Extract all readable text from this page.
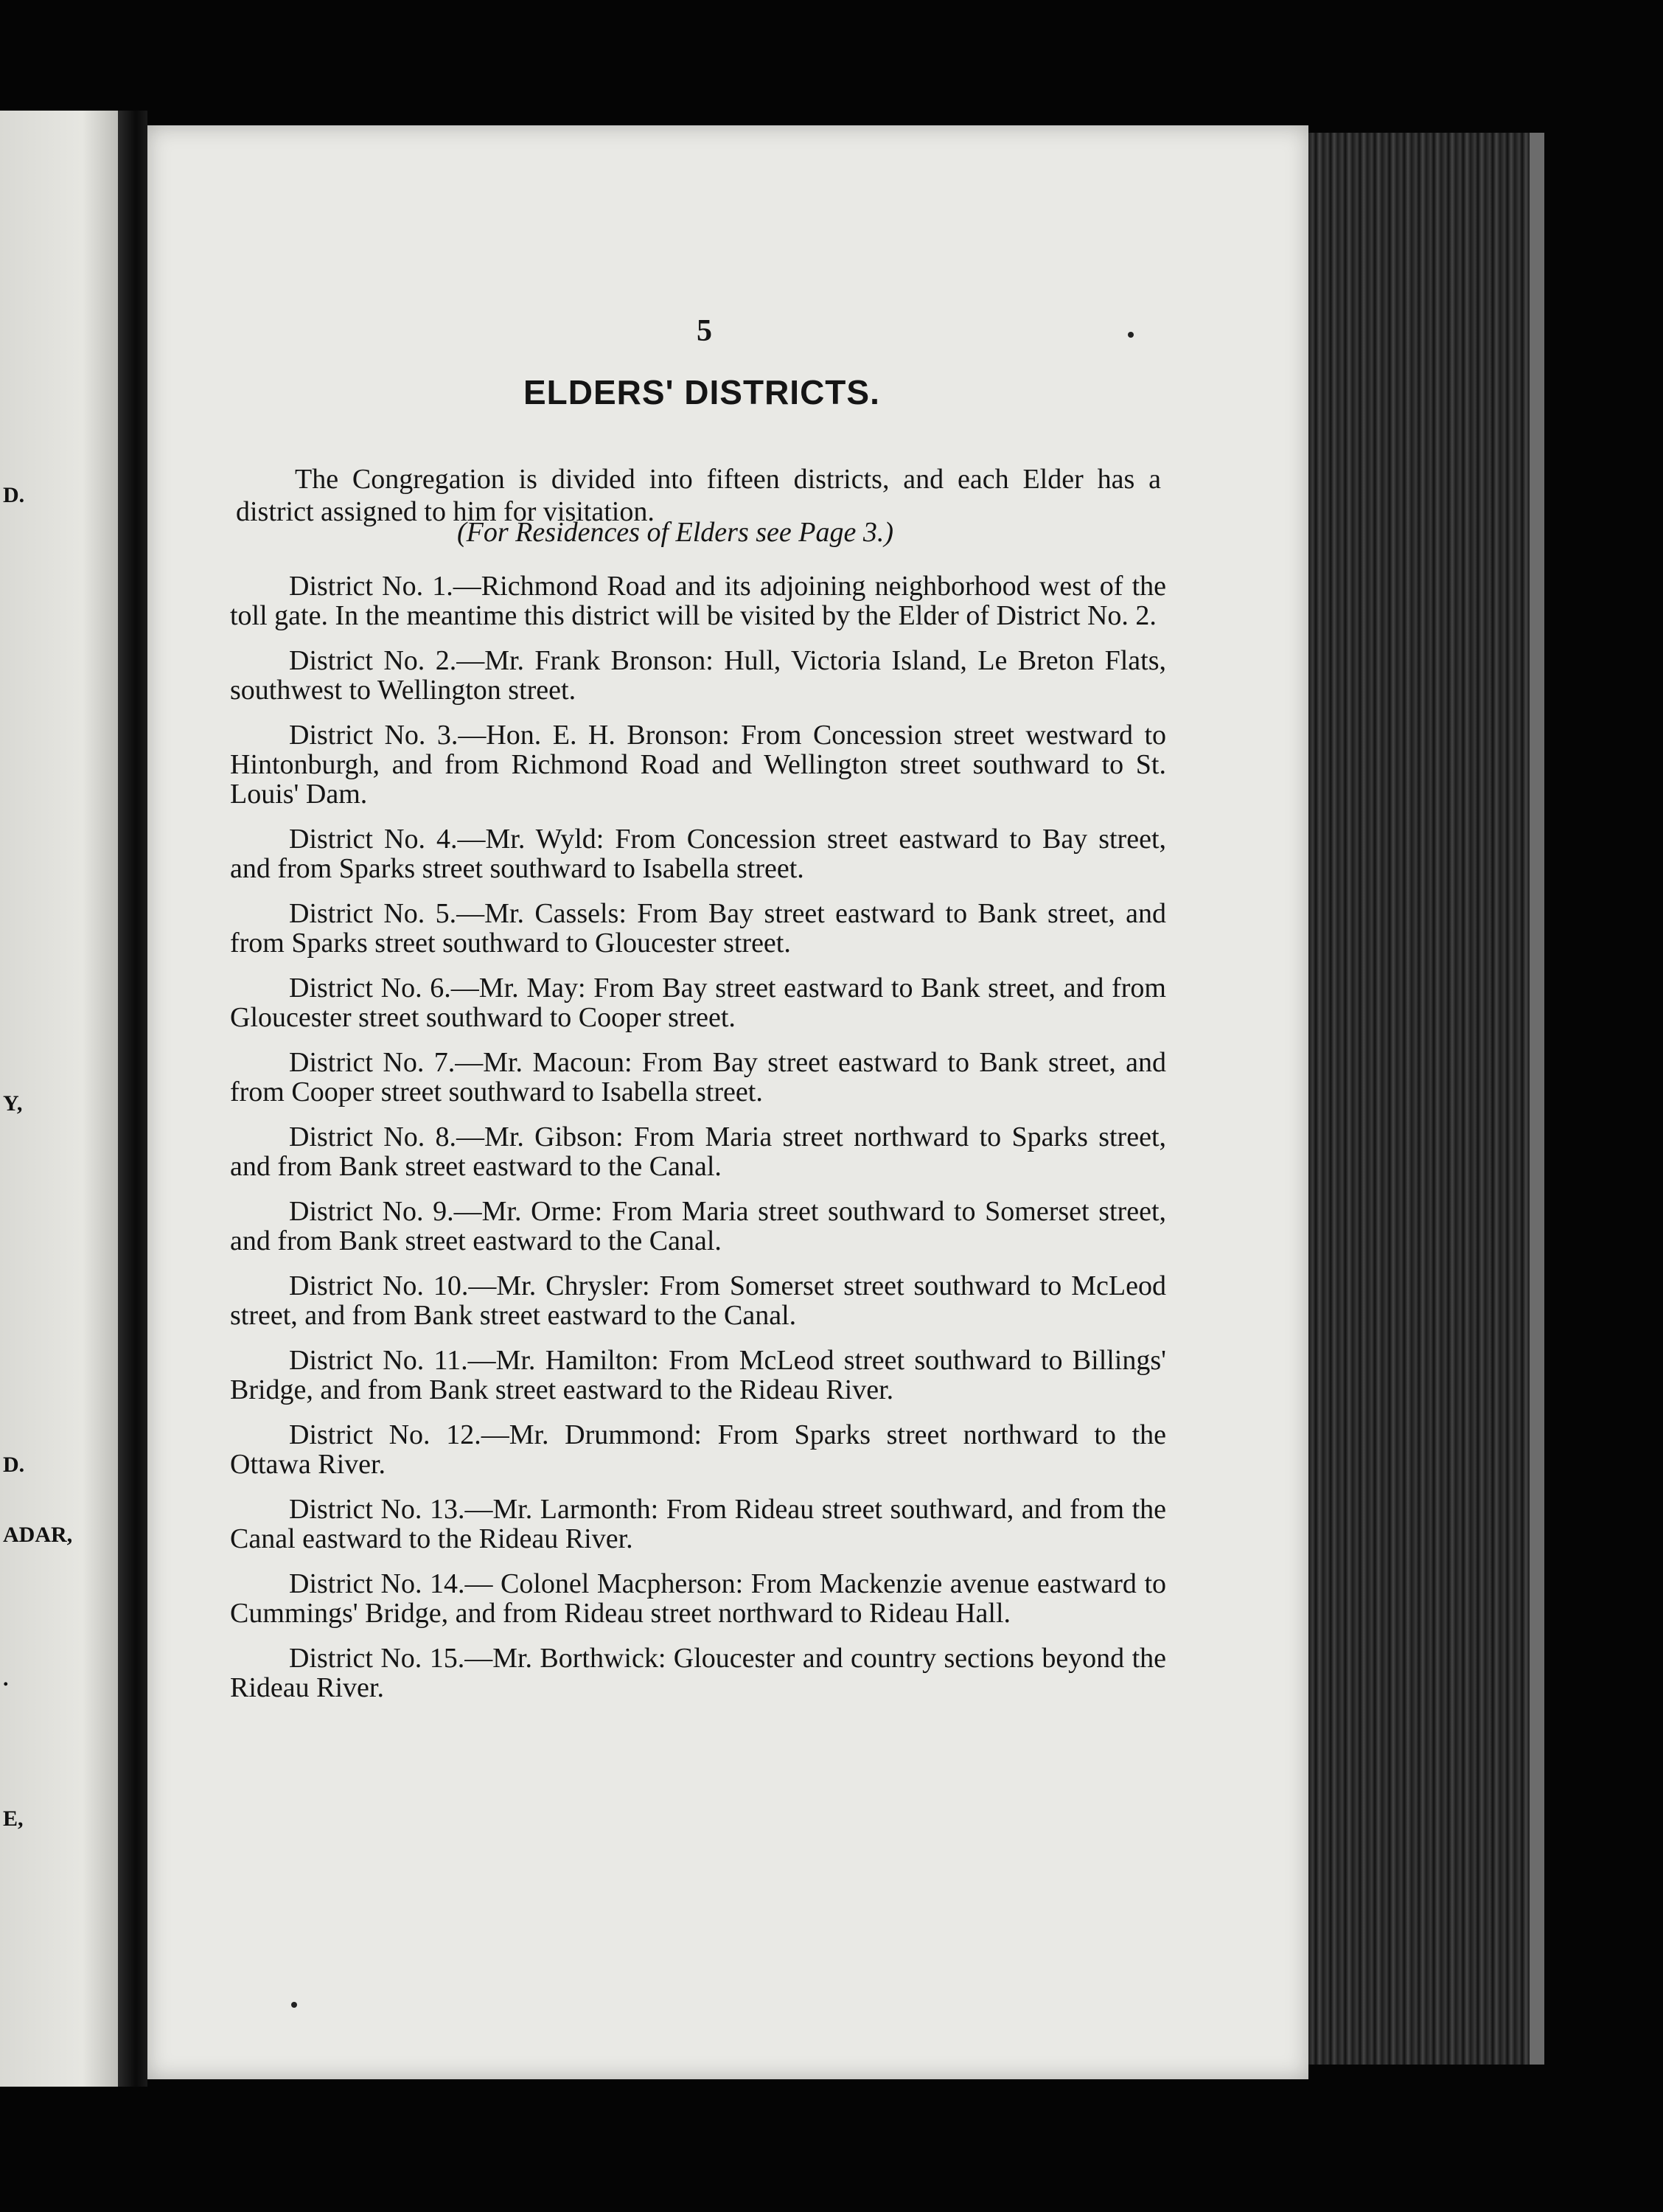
D.
Y,
D.
ADAR,
.
E,
5
ELDERS' DISTRICTS.

The Congregation is divided into fifteen districts, and each Elder has a district assigned to him for visitation.

(For Residences of Elders see Page 3.)
District No. 1.—Richmond Road and its adjoining neighborhood west of the toll gate. In the meantime this district will be visited by the Elder of District No. 2.
District No. 2.—Mr. Frank Bronson: Hull, Victoria Island, Le Breton Flats, southwest to Wellington street.
District No. 3.—Hon. E. H. Bronson: From Concession street westward to Hintonburgh, and from Richmond Road and Wellington street southward to St. Louis' Dam.
District No. 4.—Mr. Wyld: From Concession street eastward to Bay street, and from Sparks street southward to Isabella street.
District No. 5.—Mr. Cassels: From Bay street eastward to Bank street, and from Sparks street southward to Gloucester street.
District No. 6.—Mr. May: From Bay street eastward to Bank street, and from Gloucester street southward to Cooper street.
District No. 7.—Mr. Macoun: From Bay street eastward to Bank street, and from Cooper street southward to Isabella street.
District No. 8.—Mr. Gibson: From Maria street northward to Sparks street, and from Bank street eastward to the Canal.
District No. 9.—Mr. Orme: From Maria street southward to Somerset street, and from Bank street eastward to the Canal.
District No. 10.—Mr. Chrysler: From Somerset street southward to McLeod street, and from Bank street eastward to the Canal.
District No. 11.—Mr. Hamilton: From McLeod street southward to Billings' Bridge, and from Bank street eastward to the Rideau River.
District No. 12.—Mr. Drummond: From Sparks street northward to the Ottawa River.
District No. 13.—Mr. Larmonth: From Rideau street southward, and from the Canal eastward to the Rideau River.
District No. 14.— Colonel Macpherson: From Mackenzie avenue eastward to Cummings' Bridge, and from Rideau street northward to Rideau Hall.
District No. 15.—Mr. Borthwick: Gloucester and country sections beyond the Rideau River.
